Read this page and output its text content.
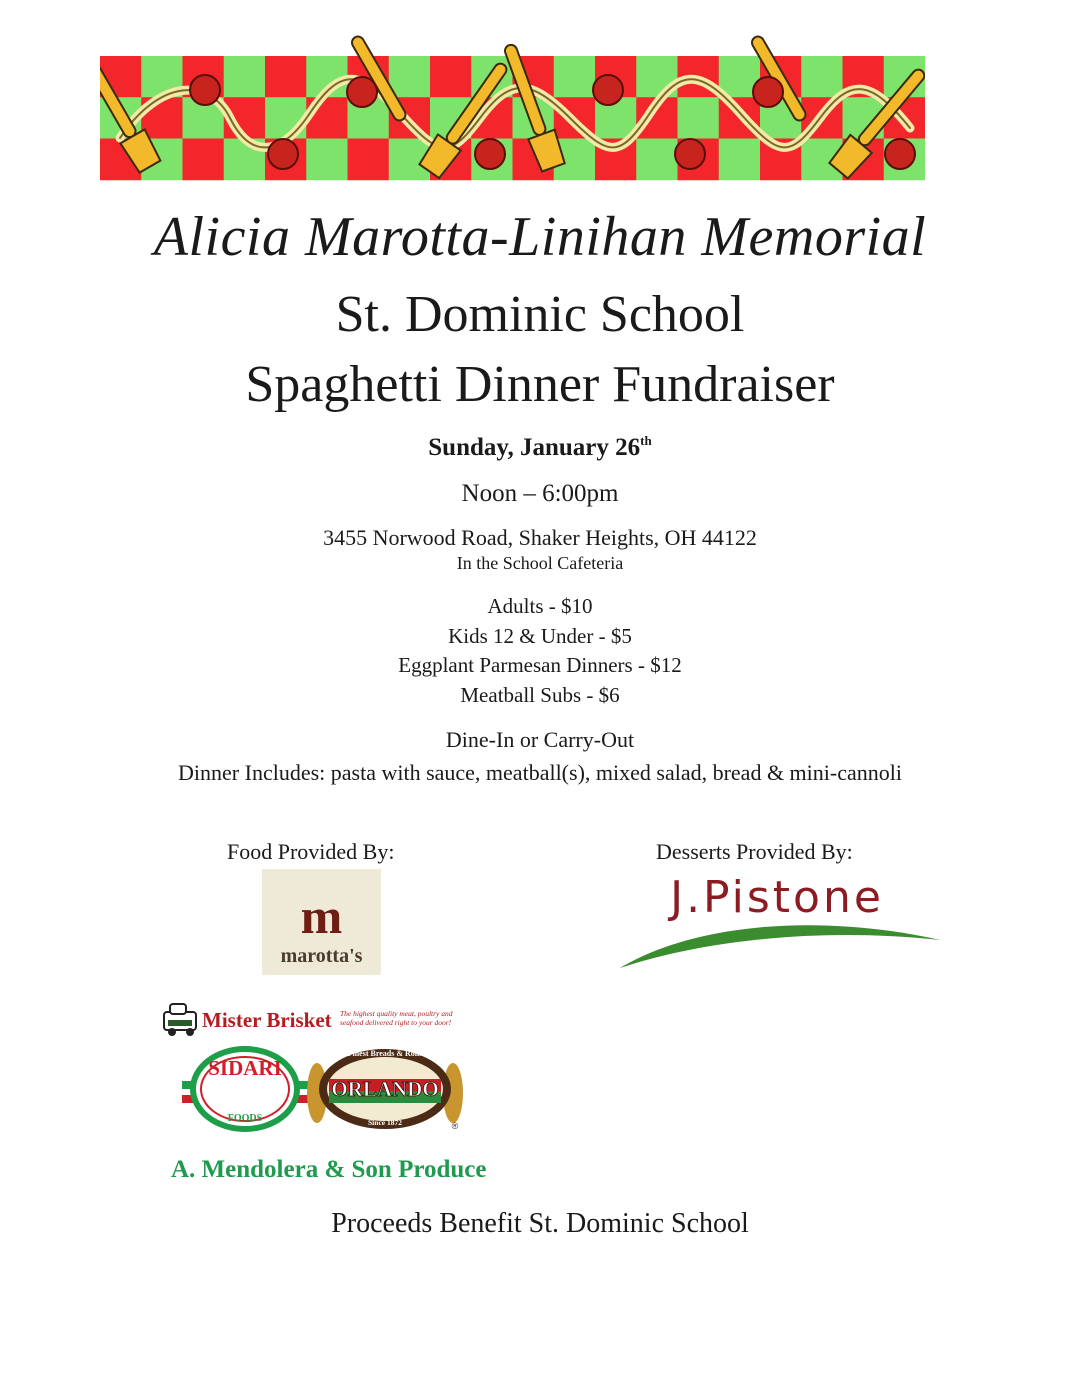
Alicia Marotta-Linihan Memorial
St. Dominic School
Spaghetti Dinner Fundraiser
Sunday, January 26th
Noon – 6:00pm
3455 Norwood Road, Shaker Heights, OH 44122
In the School Cafeteria
Adults - $10
Kids 12 & Under - $5
Eggplant Parmesan Dinners - $12
Meatball Subs - $6
Dine-In or Carry-Out
Dinner Includes: pasta with sauce, meatball(s), mixed salad, bread & mini-cannoli
Food Provided By:	Desserts Provided By:
m
marotta's
J.Pistone
Mister Brisket The highest quality meat, poultry and
seafood delivered right to your door!
SIDARI
FOODS
Finest Breads & Rolls
ORLANDO
Since 1872	®
A. Mendolera & Son Produce
Proceeds Benefit St. Dominic School
